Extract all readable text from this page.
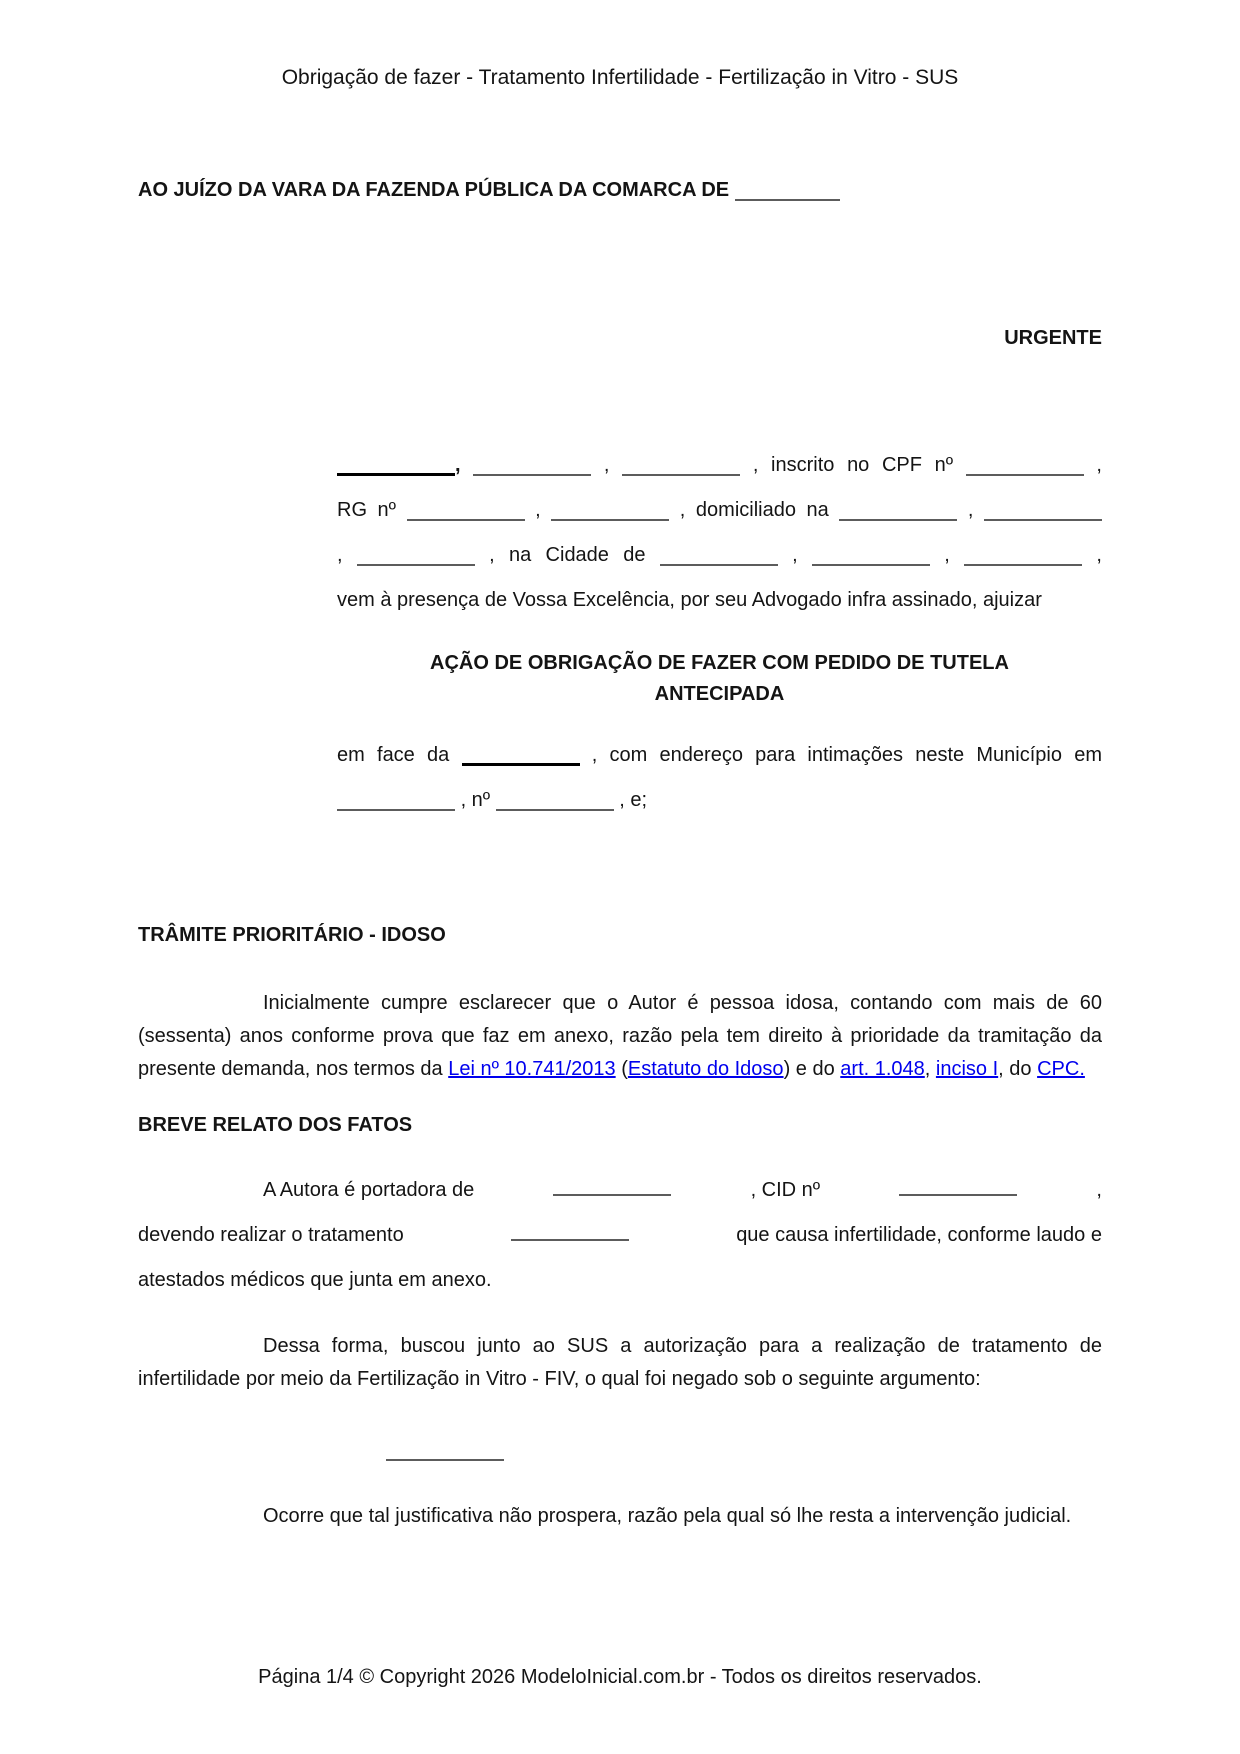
Obrigação de fazer - Tratamento Infertilidade - Fertilização in Vitro - SUS
AO JUÍZO DA VARA DA FAZENDA PÚBLICA DA COMARCA DE
URGENTE
,	,	, inscrito no CPF nº	,
RG nº	,	, domiciliado na	,
,	, na Cidade de	,	,	,
vem à presença de Vossa Excelência, por seu Advogado infra assinado, ajuizar
AÇÃO DE OBRIGAÇÃO DE FAZER COM PEDIDO DE TUTELA ANTECIPADA
em face da	, com endereço para intimações neste Município em
, nº	, e;
TRÂMITE PRIORITÁRIO - IDOSO
Inicialmente cumpre esclarecer que o Autor é pessoa idosa, contando com mais de 60 (sessenta) anos conforme prova que faz em anexo, razão pela tem direito à prioridade da tramitação da presente demanda, nos termos da Lei nº 10.741/2013 (Estatuto do Idoso) e do art. 1.048, inciso I, do CPC.
BREVE RELATO DOS FATOS
A Autora é portadora de	, CID nº	,
devendo realizar o tratamento	que causa infertilidade, conforme laudo e
atestados médicos que junta em anexo.
Dessa forma, buscou junto ao SUS a autorização para a realização de tratamento de infertilidade por meio da Fertilização in Vitro - FIV, o qual foi negado sob o seguinte argumento:
Ocorre que tal justificativa não prospera, razão pela qual só lhe resta a intervenção judicial.
Página 1/4 © Copyright 2026 ModeloInicial.com.br - Todos os direitos reservados.
